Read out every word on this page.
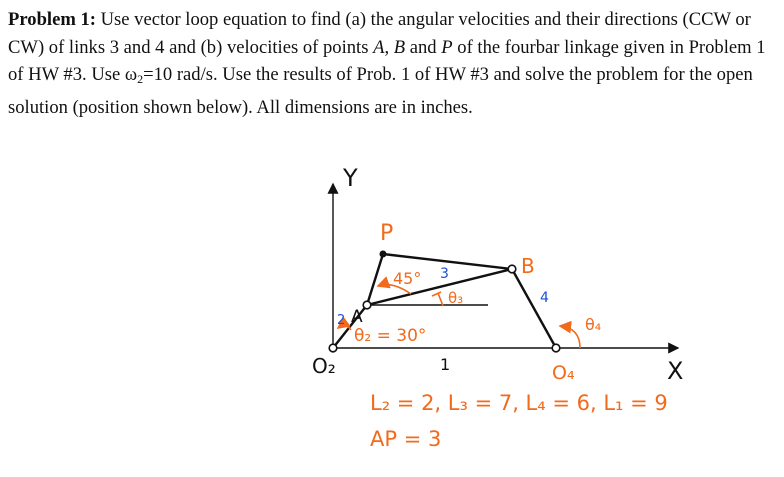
Problem 1: Use vector loop equation to find (a) the angular velocities and their directions (CCW or CW) of links 3 and 4 and (b) velocities of points A, B and P of the fourbar linkage given in Problem 1 of HW #3. Use $\omega_2=10$ rad/s. Use the results of Prob. 1 of HW #3 and solve the problem for the open solution (position shown below). All dimensions are in inches.
Y
X
A
O₂	O₄
1
2
P
B
45° 3
4
θ₃
θ₂ = 30°
θ₄
L₂ = 2, L₃ = 7, L₄ = 6, L₁ = 9
AP = 3
